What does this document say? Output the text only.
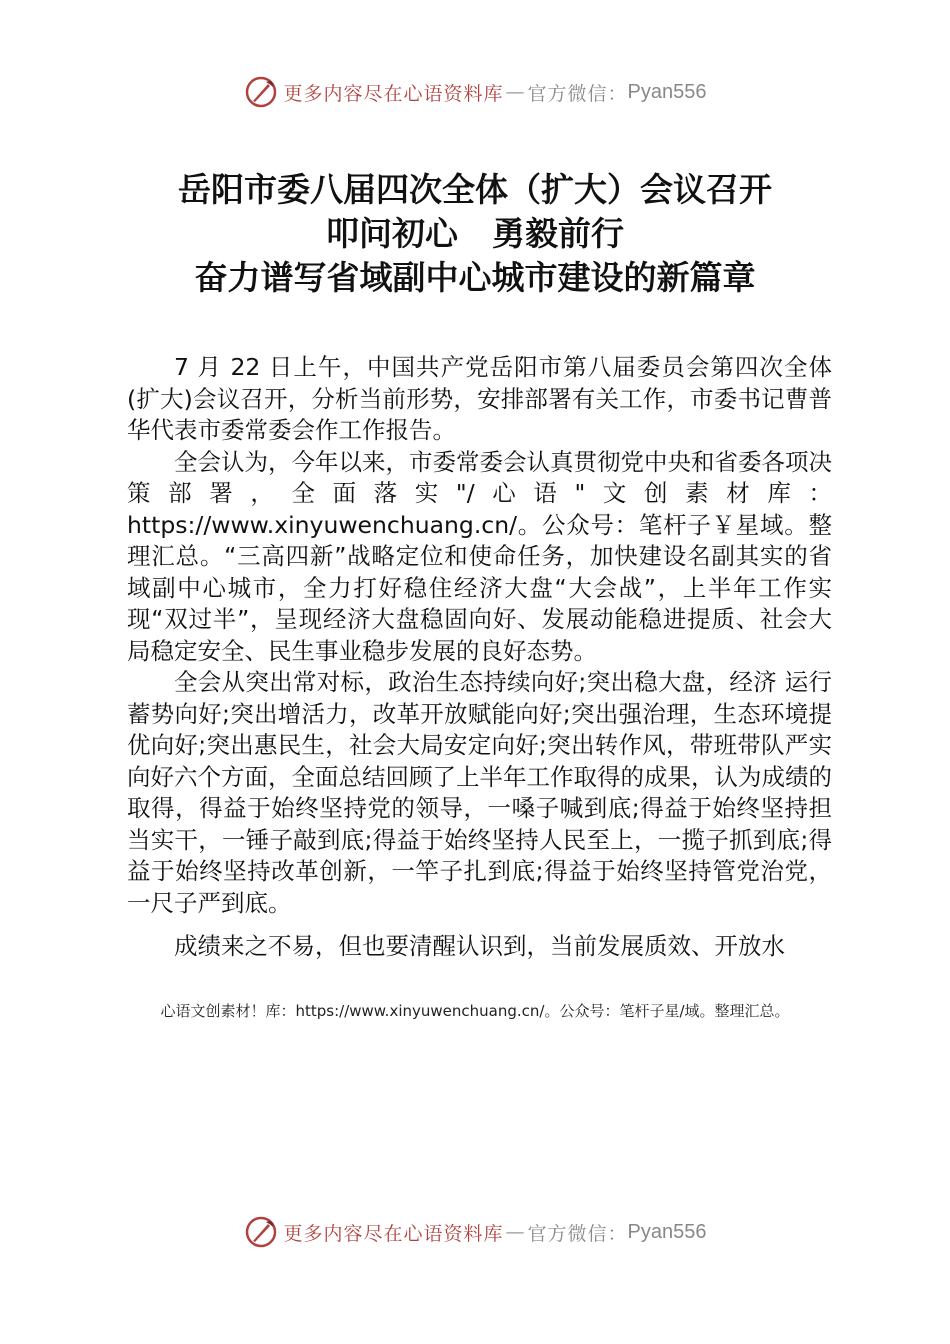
更多内容尽在心语资料库 — 官方微信： Pyan556
岳阳市委八届四次全体（扩大）会议召开
叩问初心 勇毅前行
奋力谱写省域副中心城市建设的新篇章

7 月 22 日上午，中国共产党岳阳市第八届委员会第四次全体(扩大)会议召开，分析当前形势，安排部署有关工作，市委书记曹普华代表市委常委会作工作报告。

全会认为，今年以来，市委常委会认真贯彻党中央和省委各项决策部署，全面落实"/心语"文创素材库：https://www.xinyuwenchuang.cn/。公众号：笔杆子￥星域。整理汇总。“三高四新”战略定位和使命任务，加快建设名副其实的省域副中心城市，全力打好稳住经济大盘“大会战”，上半年工作实现“双过半”，呈现经济大盘稳固向好、发展动能稳进提质、社会大局稳定安全、民生事业稳步发展的良好态势。

全会从突出常对标，政治生态持续向好;突出稳大盘，经济 运行蓄势向好;突出增活力，改革开放赋能向好;突出强治理，生态环境提优向好;突出惠民生，社会大局安定向好;突出转作风，带班带队严实向好六个方面，全面总结回顾了上半年工作取得的成果，认为成绩的取得，得益于始终坚持党的领导，一嗓子喊到底;得益于始终坚持担当实干，一锤子敲到底;得益于始终坚持人民至上，一揽子抓到底;得益于始终坚持改革创新，一竿子扎到底;得益于始终坚持管党治党，一尺子严到底。

成绩来之不易，但也要清醒认识到，当前发展质效、开放水

心语文创素材！库：https://www.xinyuwenchuang.cn/。公众号：笔杆子星/域。整理汇总。
更多内容尽在心语资料库 — 官方微信： Pyan556
